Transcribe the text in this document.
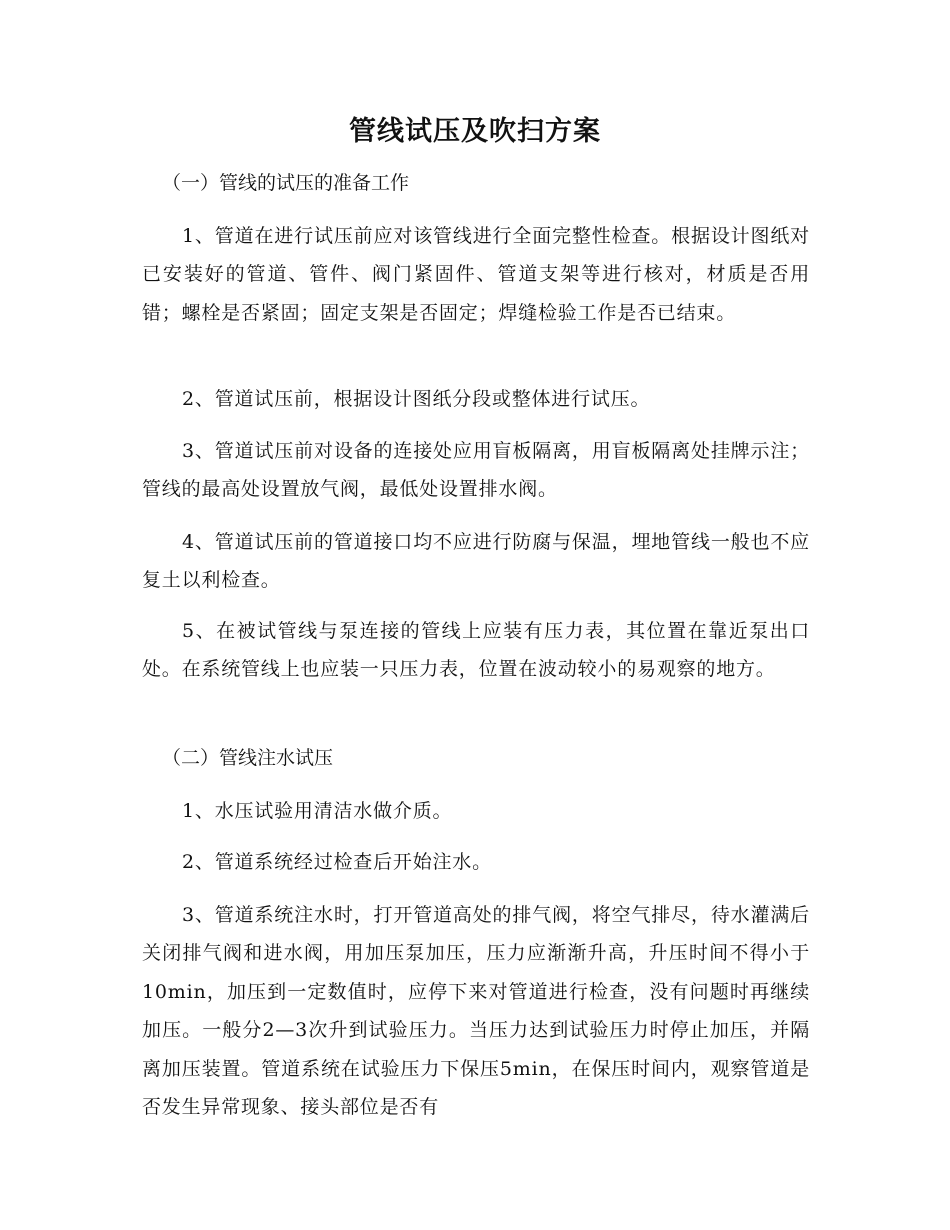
管线试压及吹扫方案
（一）管线的试压的准备工作
1、管道在进行试压前应对该管线进行全面完整性检查。根据设计图纸对已安装好的管道、管件、阀门紧固件、管道支架等进行核对，材质是否用错；螺栓是否紧固；固定支架是否固定；焊缝检验工作是否已结束。
2、管道试压前，根据设计图纸分段或整体进行试压。
3、管道试压前对设备的连接处应用盲板隔离，用盲板隔离处挂牌示注；管线的最高处设置放气阀，最低处设置排水阀。
4、管道试压前的管道接口均不应进行防腐与保温，埋地管线一般也不应复土以利检查。
5、在被试管线与泵连接的管线上应装有压力表，其位置在靠近泵出口处。在系统管线上也应装一只压力表，位置在波动较小的易观察的地方。
（二）管线注水试压
1、水压试验用清洁水做介质。
2、管道系统经过检查后开始注水。
3、管道系统注水时，打开管道高处的排气阀，将空气排尽，待水灌满后关闭排气阀和进水阀，用加压泵加压，压力应渐渐升高，升压时间不得小于10min，加压到一定数值时，应停下来对管道进行检查，没有问题时再继续加压。一般分2—3次升到试验压力。当压力达到试验压力时停止加压，并隔离加压装置。管道系统在试验压力下保压5min，在保压时间内，观察管道是否发生异常现象、接头部位是否有
